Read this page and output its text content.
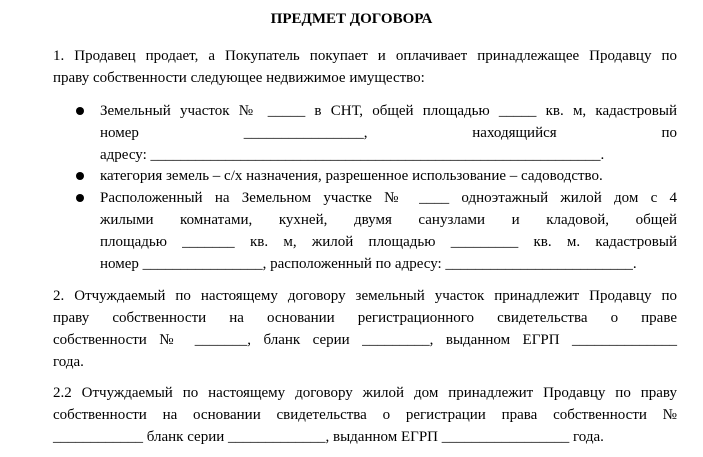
ПРЕДМЕТ ДОГОВОРА
1. Продавец продает, а Покупатель покупает и оплачивает принадлежащее Продавцу по
праву собственности следующее недвижимое имущество:
Земельный участок № _____ в СНТ, общей площадью _____ кв. м, кадастровый
номер ________________, находящийся по
адресу: ____________________________________________________________.
категория земель – с/х назначения, разрешенное использование – садоводство.
Расположенный на Земельном участке № ____ одноэтажный жилой дом с 4
жилыми комнатами, кухней, двумя санузлами и кладовой, общей
площадью _______ кв. м, жилой площадью _________ кв. м. кадастровый
номер ________________, расположенный по адресу: _________________________.
2. Отчуждаемый по настоящему договору земельный участок принадлежит Продавцу по
праву собственности на основании регистрационного свидетельства о праве
собственности № _______, бланк серии _________, выданном ЕГРП ______________
года.
2.2 Отчуждаемый по настоящему договору жилой дом принадлежит Продавцу по праву
собственности на основании свидетельства о регистрации права собственности №
____________ бланк серии _____________, выданном ЕГРП _________________ года.
